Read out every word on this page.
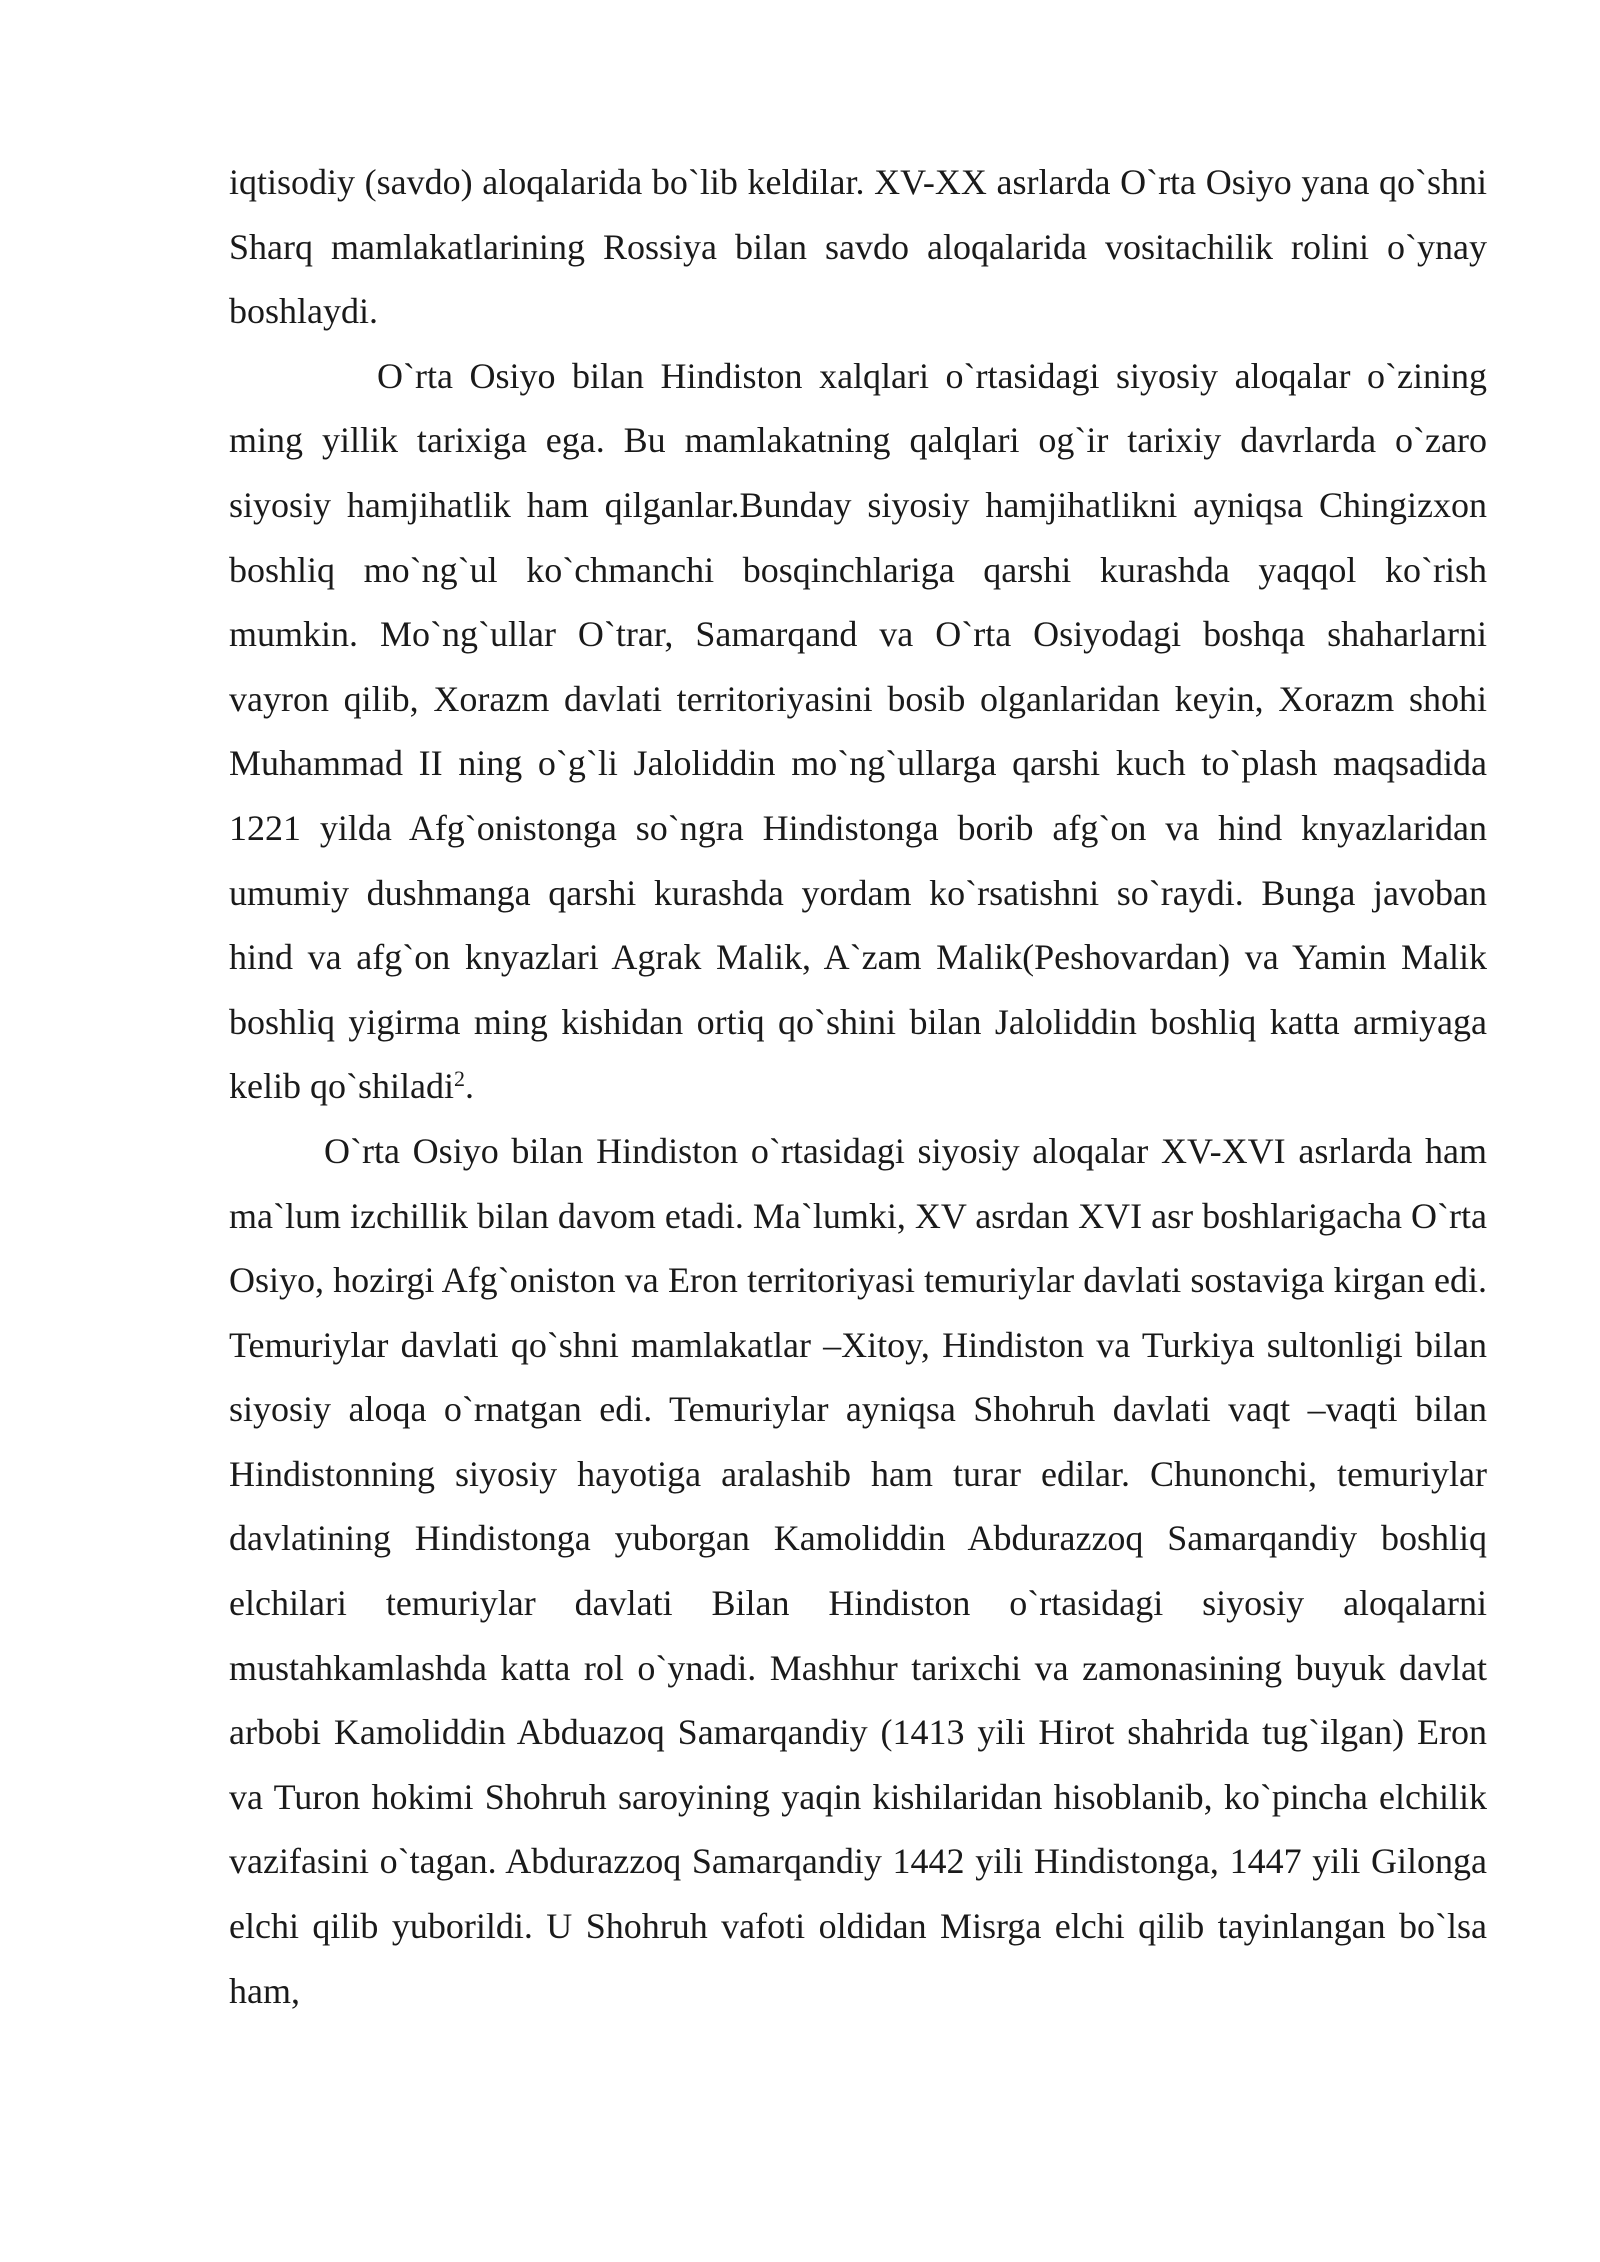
iqtisodiy (savdo) aloqalarida bo`lib keldilar. XV-XX asrlarda O`rta Osiyo yana qo`shni Sharq mamlakatlarining Rossiya bilan savdo aloqalarida vositachilik rolini o`ynay boshlaydi.

O`rta Osiyo bilan Hindiston xalqlari o`rtasidagi siyosiy aloqalar o`zining ming yillik tarixiga ega. Bu mamlakatning qalqlari og`ir tarixiy davrlarda o`zaro siyosiy hamjihatlik ham qilganlar.Bunday siyosiy hamjihatlikni ayniqsa Chingizxon boshliq mo`ng`ul ko`chmanchi bosqinchlariga qarshi kurashda yaqqol ko`rish mumkin. Mo`ng`ullar O`trar, Samarqand va O`rta Osiyodagi boshqa shaharlarni vayron qilib, Xorazm davlati territoriyasini bosib olganlaridan keyin, Xorazm shohi Muhammad II ning o`g`li Jaloliddin mo`ng`ullarga qarshi kuch to`plash maqsadida 1221 yilda Afg`onistonga so`ngra Hindistonga borib afg`on va hind knyazlaridan umumiy dushmanga qarshi kurashda yordam ko`rsatishni so`raydi. Bunga javoban hind va afg`on knyazlari Agrak Malik, A`zam Malik(Peshovardan) va Yamin Malik boshliq yigirma ming kishidan ortiq qo`shini bilan Jaloliddin boshliq katta armiyaga kelib qo`shiladi$^2$.

O`rta Osiyo bilan Hindiston o`rtasidagi siyosiy aloqalar XV-XVI asrlarda ham ma`lum izchillik bilan davom etadi. Ma`lumki, XV asrdan XVI asr boshlarigacha O`rta Osiyo, hozirgi Afg`oniston va Eron territoriyasi temuriylar davlati sostaviga kirgan edi. Temuriylar davlati qo`shni mamlakatlar –Xitoy, Hindiston va Turkiya sultonligi bilan siyosiy aloqa o`rnatgan edi. Temuriylar ayniqsa Shohruh davlati vaqt –vaqti bilan Hindistonning siyosiy hayotiga aralashib ham turar edilar. Chunonchi, temuriylar davlatining Hindistonga yuborgan Kamoliddin Abdurazzoq Samarqandiy boshliq elchilari temuriylar davlati Bilan Hindiston o`rtasidagi siyosiy aloqalarni mustahkamlashda katta rol o`ynadi. Mashhur tarixchi va zamonasining buyuk davlat arbobi Kamoliddin Abduazoq Samarqandiy (1413 yili Hirot shahrida tug`ilgan) Eron va Turon hokimi Shohruh saroyining yaqin kishilaridan hisoblanib, ko`pincha elchilik vazifasini o`tagan. Abdurazzoq Samarqandiy 1442 yili Hindistonga, 1447 yili Gilonga elchi qilib yuborildi. U Shohruh vafoti oldidan Misrga elchi qilib tayinlangan bo`lsa ham,
